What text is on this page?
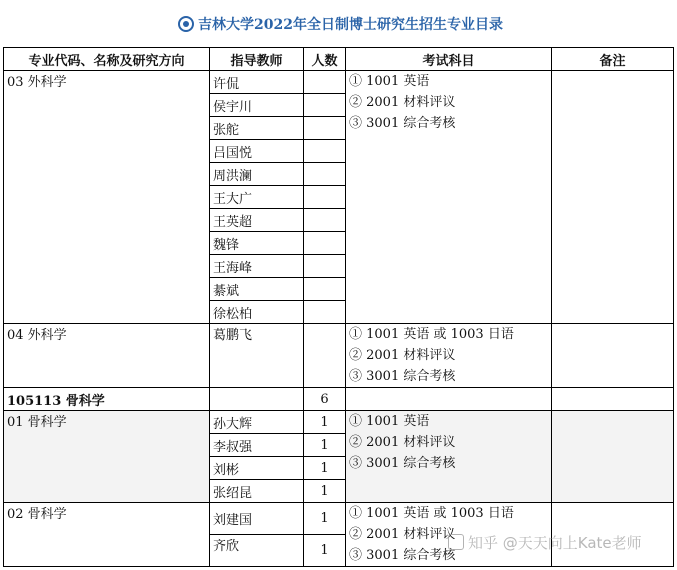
吉林大学2022年全日制博士研究生招生专业目录
专业代码、名称及研究方向	指导教师	人数	考试科目	备注
03 外科学	许侃		① 1001 英语
② 2001 材料评议
③ 3001 综合考核	

	侯宇川			
	张舵			
	吕国悦			
	周洪澜			
	王大广			
	王英超			
	魏锋			
	王海峰			
	綦斌			
	徐松柏			
04 外科学	葛鹏飞		① 1001 英语 或 1003 日语
② 2001 材料评议
③ 3001 综合考核	

105113 骨科学		6		
01 骨科学	孙大辉	1	① 1001 英语
② 2001 材料评议
③ 3001 综合考核	

	李叔强	1		
	刘彬	1		
	张绍昆	1		
02 骨科学	刘建国	1	① 1001 英语 或 1003 日语
② 2001 材料评议
③ 3001 综合考核	

	齐欣	1			知乎 @天天向上Kate老师
